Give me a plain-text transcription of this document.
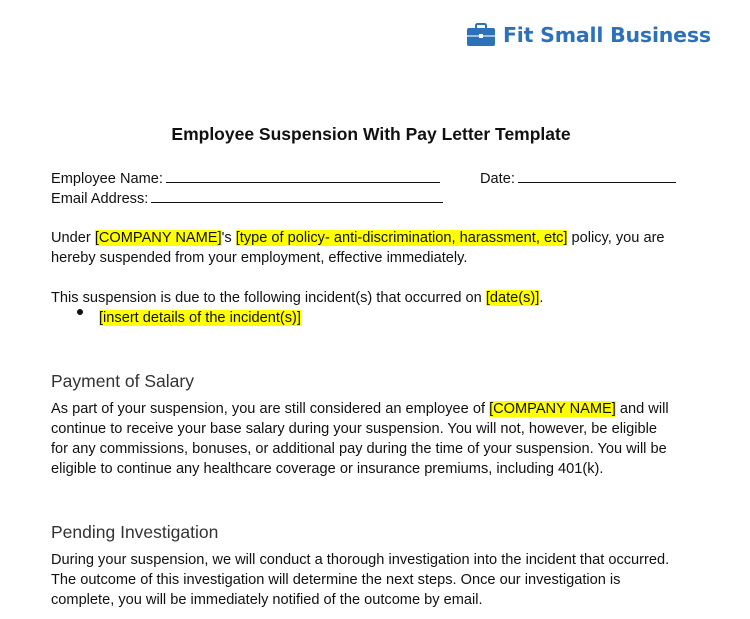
Fit Small Business
Employee Suspension With Pay Letter Template
Employee Name:	Date:
Email Address:
Under [COMPANY NAME]'s [type of policy- anti-discrimination, harassment, etc] policy, you are
hereby suspended from your employment, effective immediately.
This suspension is due to the following incident(s) that occurred on [date(s)].
[insert details of the incident(s)]
Payment of Salary
As part of your suspension, you are still considered an employee of [COMPANY NAME] and will
continue to receive your base salary during your suspension. You will not, however, be eligible
for any commissions, bonuses, or additional pay during the time of your suspension. You will be
eligible to continue any healthcare coverage or insurance premiums, including 401(k).
Pending Investigation
During your suspension, we will conduct a thorough investigation into the incident that occurred.
The outcome of this investigation will determine the next steps. Once our investigation is
complete, you will be immediately notified of the outcome by email.
